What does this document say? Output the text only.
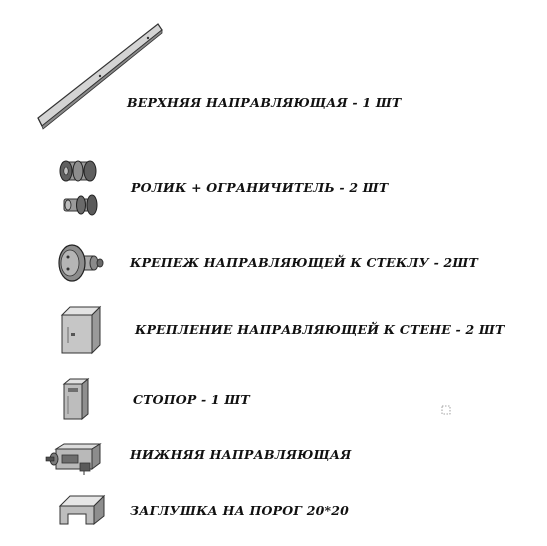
ВЕРХНЯЯ НАПРАВЛЯЮЩАЯ - 1 ШТ
РОЛИК + ОГРАНИЧИТЕЛЬ - 2 ШТ
КРЕПЕЖ НАПРАВЛЯЮЩЕЙ К СТЕКЛУ - 2ШТ
КРЕПЛЕНИЕ НАПРАВЛЯЮЩЕЙ К СТЕНЕ - 2 ШТ
СТОПОР - 1 ШТ
НИЖНЯЯ НАПРАВЛЯЮЩАЯ
ЗАГЛУШКА НА ПОРОГ 20*20
